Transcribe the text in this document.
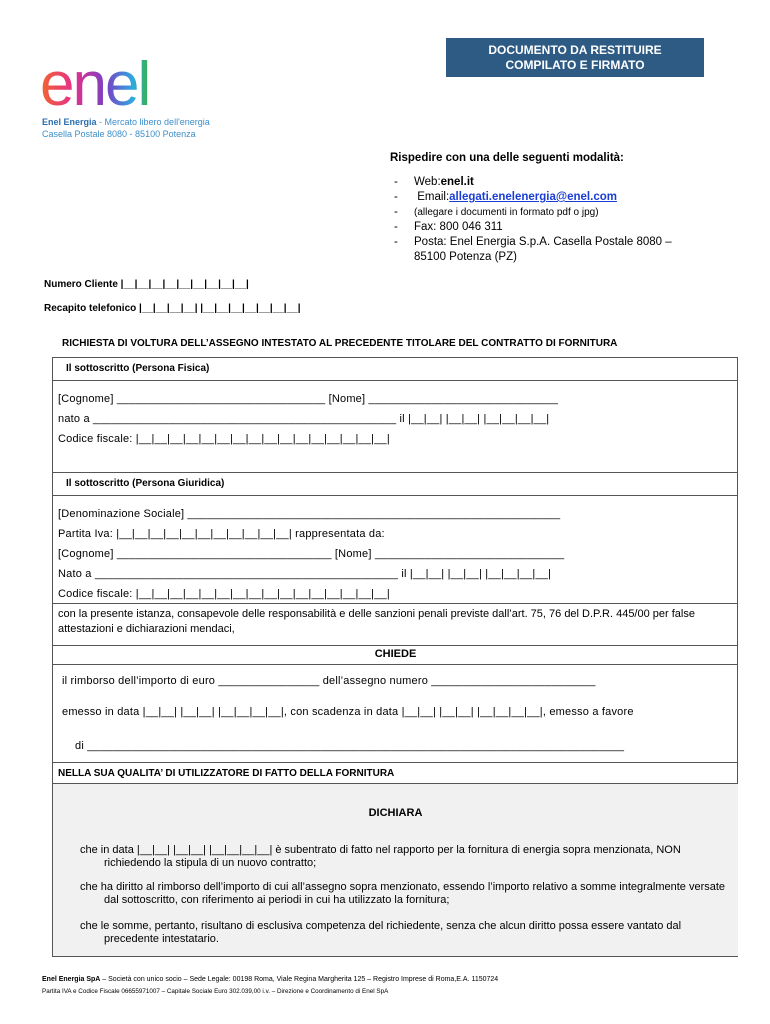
DOCUMENTO DA RESTITUIRE
COMPILATO E FIRMATO
enel
Enel Energia - Mercato libero dell'energia
Casella Postale 8080 - 85100 Potenza
Rispedire con una delle seguenti modalità:
-	Web: enel.it
-
	Email: allegati.enelenergia@enel.com
-	(allegare i documenti in formato pdf o jpg)
-	Fax: 800 046 311
-	Posta: Enel Energia S.p.A. Casella Postale 8080 –
85100 Potenza (PZ)
Numero Cliente |__|__|__|__|__|__|__|__|__|
Recapito telefonico |__|__|__|__| |__|__|__|__|__|__|__|
RICHIESTA DI VOLTURA DELL’ASSEGNO INTESTATO AL PRECEDENTE TITOLARE DEL CONTRATTO DI FORNITURA
Il sottoscritto (Persona Fisica)
[Cognome] _________________________________ [Nome] ______________________________
nato a ________________________________________________ il |__|__| |__|__| |__|__|__|__|
Codice fiscale: |__|__|__|__|__|__|__|__|__|__|__|__|__|__|__|__|
Il sottoscritto (Persona Giuridica)
[Denominazione Sociale] ___________________________________________________________
Partita Iva: |__|__|__|__|__|__|__|__|__|__|__| rappresentata da:
[Cognome] __________________________________ [Nome] ______________________________
Nato a ________________________________________________ il |__|__| |__|__| |__|__|__|__|
Codice fiscale: |__|__|__|__|__|__|__|__|__|__|__|__|__|__|__|__|
con la presente istanza, consapevole delle responsabilità e delle sanzioni penali previste dall’art. 75, 76 del D.P.R. 445/00 per false attestazioni e dichiarazioni mendaci,
CHIEDE
il rimborso dell’importo di euro ________________ dell’assegno numero __________________________
emesso in data |__|__| |__|__| |__|__|__|__|, con scadenza in data |__|__| |__|__| |__|__|__|__|, emesso a favore
di _____________________________________________________________________________________
NELLA SUA QUALITA’ DI UTILIZZATORE DI FATTO DELLA FORNITURA
DICHIARA
che in data |__|__| |__|__| |__|__|__|__| è subentrato di fatto nel rapporto per la fornitura di energia sopra menzionata, NON richiedendo la stipula di un nuovo contratto;
che ha diritto al rimborso dell’importo di cui all’assegno sopra menzionato, essendo l’importo relativo a somme integralmente versate dal sottoscritto, con riferimento ai periodi in cui ha utilizzato la fornitura;
che le somme, pertanto, risultano di esclusiva competenza del richiedente, senza che alcun diritto possa essere vantato dal precedente intestatario.
Enel Energia SpA – Società con unico socio – Sede Legale: 00198 Roma, Viale Regina Margherita 125 – Registro Imprese di Roma,E.A. 1150724
Partita IVA e Codice Fiscale 06655971007 – Capitale Sociale Euro 302.039,00 i.v. – Direzione e Coordinamento di Enel SpA
